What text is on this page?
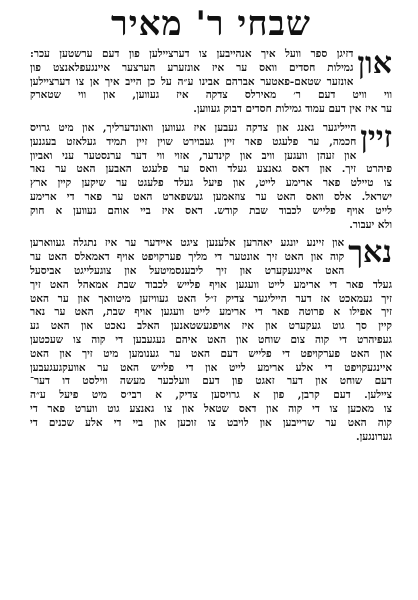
שבחי ר' מאיר
און
דזיגן ספר וועל איך אנהייבען צו דערציילען פון דעם ערשטען עכר:
גמילות חסדים וואס ער איז אונזערע הערצער איינגעפלאנצט פון
אונזער שטאם-פאטער אברהם אבינו ע״ה על כן הייב איך אן צו דערציילען
ווי וויט דעם ר׳ מאירלס צדקה איז געווען, און ווי שטארק
ער איז אין דעם עמוד גמילות חסדים דבוק געווען.
זיין
הייליגער גאנג און צדקה געבען איז געווען וואונדערליך, און מיט גרויס
חכמה, ער פלעגט פאר זיין געבוירט שוין זיין תמיד געלאזט בעגנען
און זעהן וועגען וויב און קינדער, אזוי ווי דער ערנסטער עני ואביון
פיהרט זיך. און דאס גאנצע געלד וואס ער פלעגט האבען האט ער נאר
צו טיילט פאר ארימע לייט, און פיעל געלד פלעגט ער שיקען קיין ארץ
ישראל. אלס וואס האט ער צוזאמען געשפארט האט ער פאר די ארימע
לייט אויף פלייש לכבוד שבת קודש. דאס איז ביי אוהם געווען א חוק
ולא יעבור.
נאך
און זיינע יונגע יאהרען אלענען ציגט איידער ער איז נתגלה געווארען
קוה און האט זיך אונטער די מליך פערקויפט אויף דאמאלס האט ער
האט איינגעקערט און זיך ליבענסמיטעל און צוגעלייגט אביסעל
געלד פאר די ארימע לייט וועגען אויף פלייש לכבוד שבת אמאהל האט זיך
זיך געמאכט אז דער הייליגער צדיק ז״ל האט געוויזען מיטוואך און ער האט
זיך אפילו א פרוטה פאר די ארימע לייט וועגען אויף שבת, האט ער נאר
קיין סך גוט געקערט און איז אויפגעשטאנען האלב נאכט און האט גע
געפיהרט די קוה צום שוחט און האט איהם געגעבען די קוה צו שעכטען
און האט פערקויפט די פלייש דעם האט ער גענומען מיט זיך און האט
איינגעקויפט די אלע ארימע לייט און די פלייש האט ער אוועקגעגעבען
דעם שוחט און דער זאגט פון דעם וועלכער מעשה ווילסט דו דער־
ציילען. דעם קרבן, פון א גרויסען צדיק, א רבי׳ס מיט פיעל ע״ה
צו מאכען צו די קוה און דאס שטאל און צו גאנצע גוט ווערט פאר די
קוה האט ער שרייבען און לויבט צו זוכען און ביי די אלע שכנים די
גערונגען.
